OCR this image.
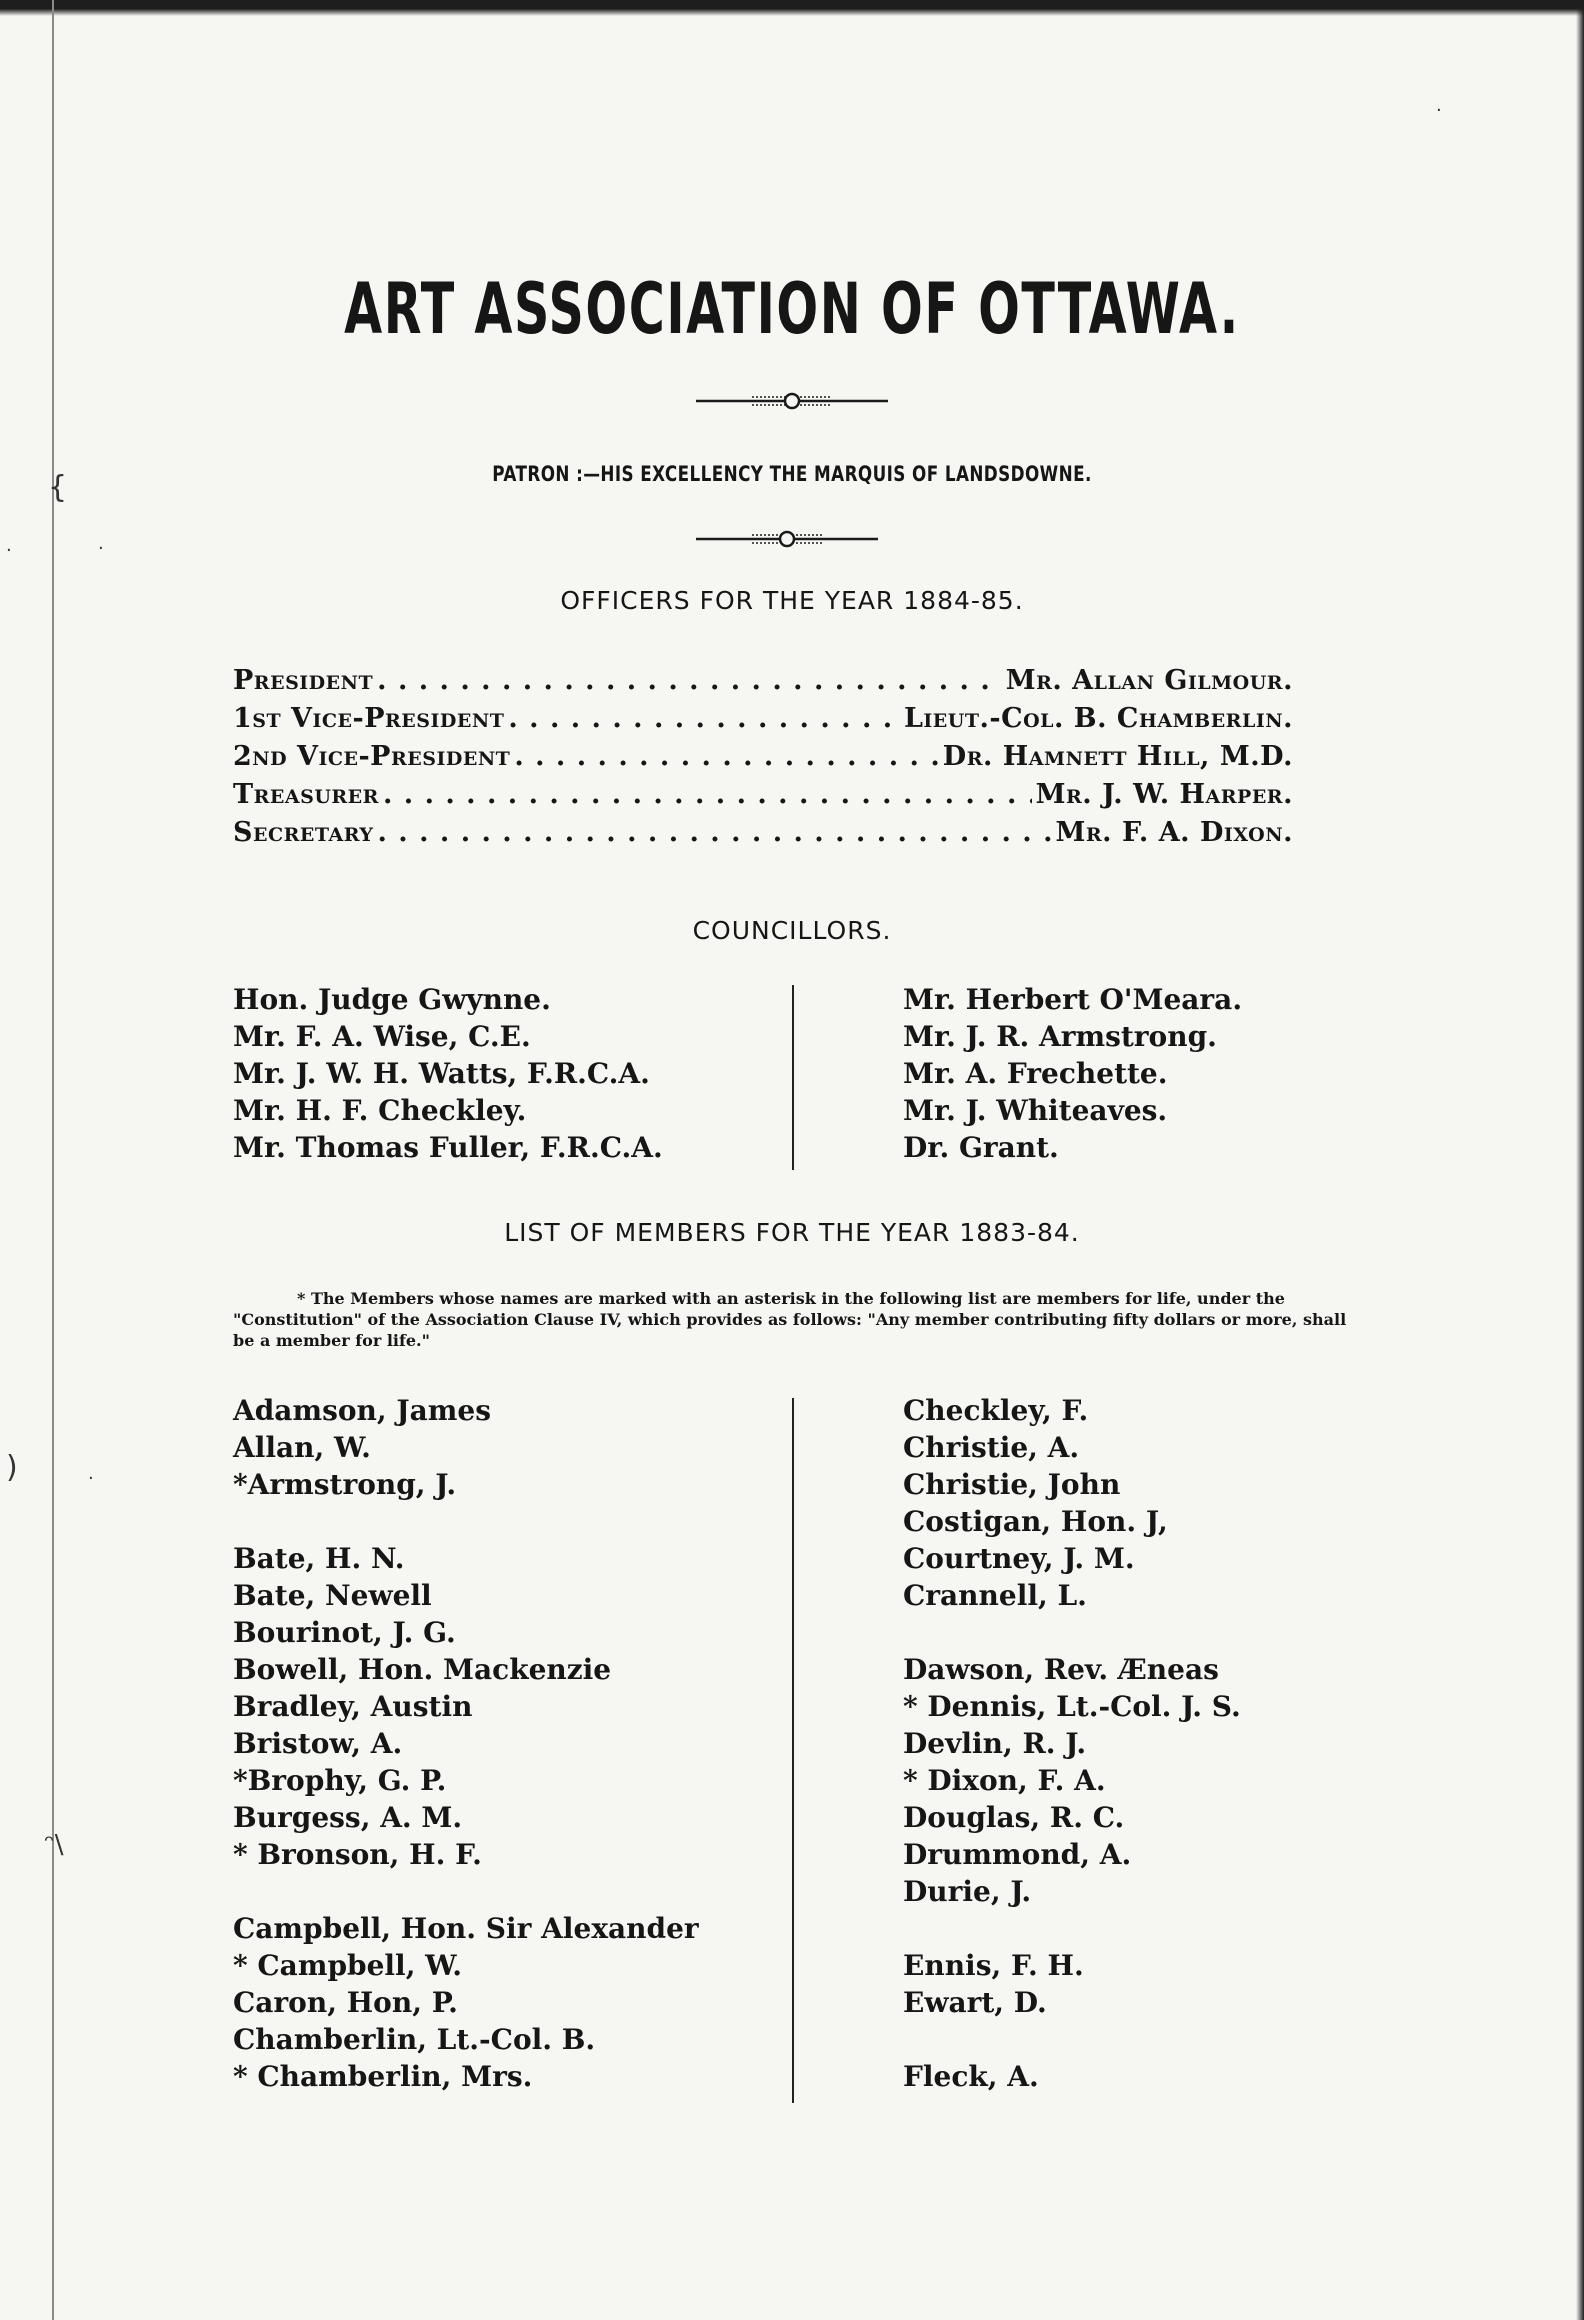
{
·	·
)	·
ᵔ\
·
ART ASSOCIATION OF OTTAWA.
PATRON :—HIS EXCELLENCY THE MARQUIS OF LANDSDOWNE.
OFFICERS FOR THE YEAR 1884-85.
President . . .	Mr. Allan Gilmour.
1st Vice-President . . .	Lieut.-Col. B. Chamberlin.
2nd Vice-President . . .	Dr. Hamnett Hill, M.D.
Treasurer . . .	Mr. J. W. Harper.
Secretary . . .	Mr. F. A. Dixon.
COUNCILLORS.
Hon. Judge Gwynne.
Mr. F. A. Wise, C.E.
Mr. J. W. H. Watts, F.R.C.A.
Mr. H. F. Checkley.
Mr. Thomas Fuller, F.R.C.A.
Mr. Herbert O'Meara.
Mr. J. R. Armstrong.
Mr. A. Frechette.
Mr. J. Whiteaves.
Dr. Grant.
LIST OF MEMBERS FOR THE YEAR 1883-84.
* The Members whose names are marked with an asterisk in the following list are members for life, under the "Constitution" of the Association Clause IV, which provides as follows: "Any member contributing fifty dollars or more, shall be a member for life."
Adamson, James
Allan, W.
*Armstrong, J.
Bate, H. N.
Bate, Newell
Bourinot, J. G.
Bowell, Hon. Mackenzie
Bradley, Austin
Bristow, A.
*Brophy, G. P.
Burgess, A. M.
* Bronson, H. F.
Campbell, Hon. Sir Alexander
* Campbell, W.
Caron, Hon, P.
Chamberlin, Lt.-Col. B.
* Chamberlin, Mrs.
Checkley, F.
Christie, A.
Christie, John
Costigan, Hon. J,
Courtney, J. M.
Crannell, L.
Dawson, Rev. Æneas
* Dennis, Lt.-Col. J. S.
Devlin, R. J.
* Dixon, F. A.
Douglas, R. C.
Drummond, A.
Durie, J.
Ennis, F. H.
Ewart, D.
Fleck, A.
